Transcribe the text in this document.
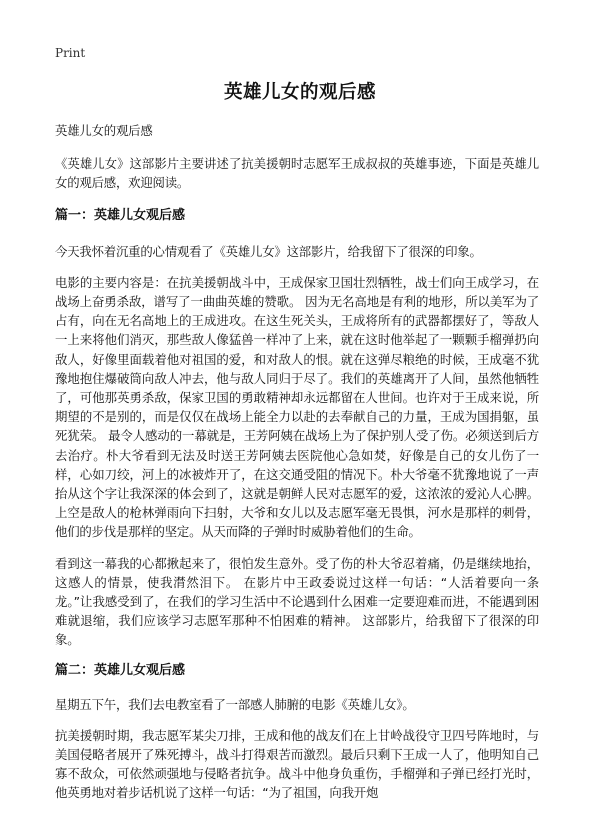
Print
英雄儿女的观后感

英雄儿女的观后感

《英雄儿女》这部影片主要讲述了抗美援朝时志愿军王成叔叔的英雄事迹，下面是英雄儿女的观后感，欢迎阅读。

篇一：英雄儿女观后感

今天我怀着沉重的心情观看了《英雄儿女》这部影片，给我留下了很深的印象。

电影的主要内容是：在抗美援朝战斗中，王成保家卫国壮烈牺牲，战士们向王成学习，在战场上奋勇杀敌，谱写了一曲曲英雄的赞歌。 因为无名高地是有利的地形，所以美军为了占有，向在无名高地上的王成进攻。在这生死关头，王成将所有的武器都摆好了，等敌人一上来将他们消灭，那些敌人像猛兽一样冲了上来，就在这时他举起了一颗颗手榴弹扔向敌人，好像里面载着他对祖国的爱，和对敌人的恨。就在这弹尽粮绝的时候，王成毫不犹豫地抱住爆破筒向敌人冲去，他与敌人同归于尽了。我们的英雄离开了人间，虽然他牺牲了，可他那英勇杀敌，保家卫国的勇敢精神却永远都留在人世间。也许对于王成来说，所期望的不是别的，而是仅仅在战场上能全力以赴的去奉献自己的力量，王成为国捐躯，虽死犹荣。 最令人感动的一幕就是，王芳阿姨在战场上为了保护别人受了伤。必须送到后方去治疗。朴大爷看到无法及时送王芳阿姨去医院他心急如焚，好像是自己的女儿伤了一样，心如刀绞，河上的冰被炸开了，在这交通受阻的情况下。朴大爷毫不犹豫地说了一声抬从这个字让我深深的体会到了，这就是朝鲜人民对志愿军的爱，这浓浓的爱沁人心脾。上空是敌人的枪林弹雨向下扫射，大爷和女儿以及志愿军毫无畏惧，河水是那样的刺骨，他们的步伐是那样的坚定。从天而降的子弹时时威胁着他们的生命。

看到这一幕我的心都揪起来了，很怕发生意外。受了伤的朴大爷忍着痛，仍是继续地抬，这感人的情景，使我潸然泪下。 在影片中王政委说过这样一句话：“人活着要向一条龙。”让我感受到了，在我们的学习生活中不论遇到什么困难一定要迎难而进，不能遇到困难就退缩，我们应该学习志愿军那种不怕困难的精神。 这部影片，给我留下了很深的印象。

篇二：英雄儿女观后感

星期五下午，我们去电教室看了一部感人肺腑的电影《英雄儿女》。

抗美援朝时期，我志愿军某尖刀排，王成和他的战友们在上甘岭战役守卫四号阵地时，与美国侵略者展开了殊死搏斗，战斗打得艰苦而激烈。最后只剩下王成一人了，他明知自己寡不敌众，可依然顽强地与侵略者抗争。战斗中他身负重伤，手榴弹和子弹已经打光时，他英勇地对着步话机说了这样一句话：“为了祖国，向我开炮
